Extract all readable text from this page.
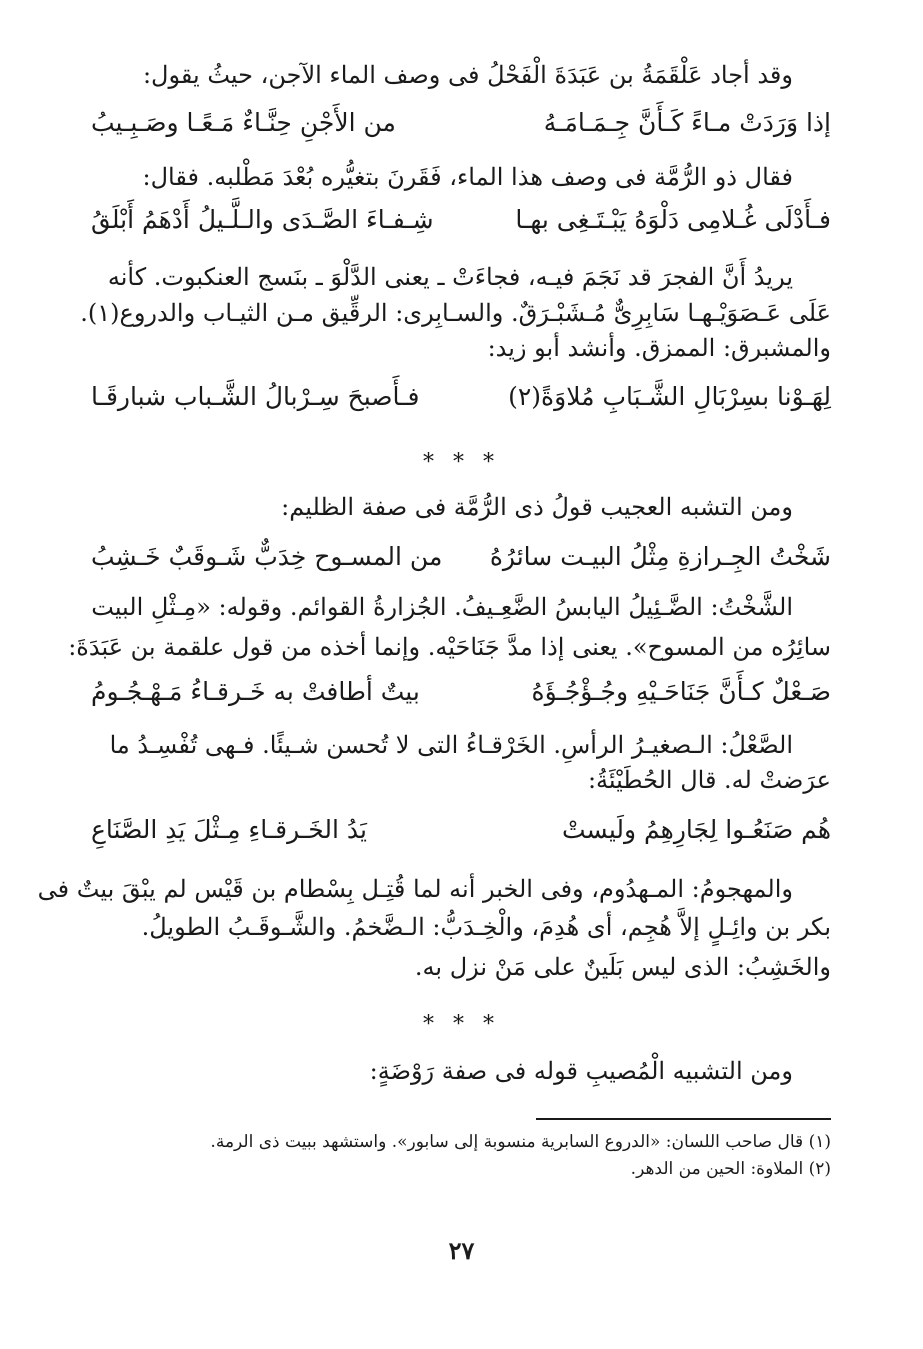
وقد أجاد عَلْقَمَةُ بن عَبَدَةَ الْفَحْلُ فى وصف الماء الآجن، حيثُ يقول:
إذا وَرَدَتْ مـاءً كَـأَنَّ جِـمَـامَـهُ
من الأَجْنِ حِنَّـاءٌ مَـعًـا وصَـبِـيبُ
فقال ذو الرُّمَّة فى وصف هذا الماء، فَقَرنَ بتغيُّره بُعْدَ مَطْلبه. فقال:
فـأَدْلَى غُـلامِى دَلْوَهُ يَبْـتَـغِى بهـا
شِـفـاءَ الصَّـدَى والـلَّـيلُ أَدْهَمُ أَبْلَقُ
يريدُ أَنَّ الفجرَ قد نَجَمَ فيـه، فجاءَتْ ـ يعنى الدَّلْوَ ـ بنَسج العنكبوت. كأنه
عَلَى عَـصَوَيْـهـا سَابِرِىٌّ مُـشَبْـرَقٌ. والسـابِرى: الرقِّيق مـن الثيـاب والدروع(١).
والمشبرق: الممزق. وأنشد أبو زيد:
لِهَـوْنا بسِرْبَالِ الشَّـبَابِ مُلاوَةً(٢)
فـأَصبحَ سِـرْبالُ الشَّـباب شبارقَـا
* * *
ومن التشبه العجيب قولُ ذى الرُّمَّة فى صفة الظليم:
شَخْتُ الجِـرازةِ مِثْلُ البيـت سائرُهُ
من المسـوح خِدَبٌّ شَـوقَبٌ خَـشِبُ
الشَّخْتُ: الضَّـئِيلُ اليابسُ الضَّعِـيفُ. الجُزارةُ القوائم. وقوله: «مِـثْلِ البيت
سائِرُه من المسوح». يعنى إذا مدَّ جَنَاحَيْه. وإنما أخذه من قول علقمة بن عَبَدَةَ:
صَـعْلٌ كـأَنَّ جَنَاحَـيْهِ وجُـؤْجُـؤَهُ
بيتٌ أطافتْ به خَـرقـاءُ مَـهْـجُـومُ
الصَّعْلُ: الـصغيـرُ الرأسِ. الخَرْقـاءُ التى لا تُحسن شـيئًا. فـهى تُفْسِـدُ ما
عرَضتْ له. قال الحُطَيْئَةُ:
هُم صَنَعُـوا لِجَارِهِمُ ولَيستْ
يَدُ الخَـرقـاءِ مِـثْلَ يَدِ الصَّنَاعِ
والمهجومُ: المـهدُوم، وفى الخبر أنه لما قُتِـل بِسْطام بن قَيْس لم يبْقَ بيتٌ فى
بكر بن وائِـلٍ إلاَّ هُجِم، أى هُدِمَ، والْخِـدَبُّ: الـضَّخمُ. والشَّـوقَـبُ الطويلُ.
والخَشِبُ: الذى ليس بَلَينٌ على مَنْ نزل به.
* * *
ومن التشبيه الْمُصيبِ قوله فى صفة رَوْضَةٍ:
(١) قال صاحب اللسان: «الدروع السابرية منسوبة إلى سابور». واستشهد ببيت ذى الرمة.
(٢) الملاوة: الحين من الدهر.
٢٧
